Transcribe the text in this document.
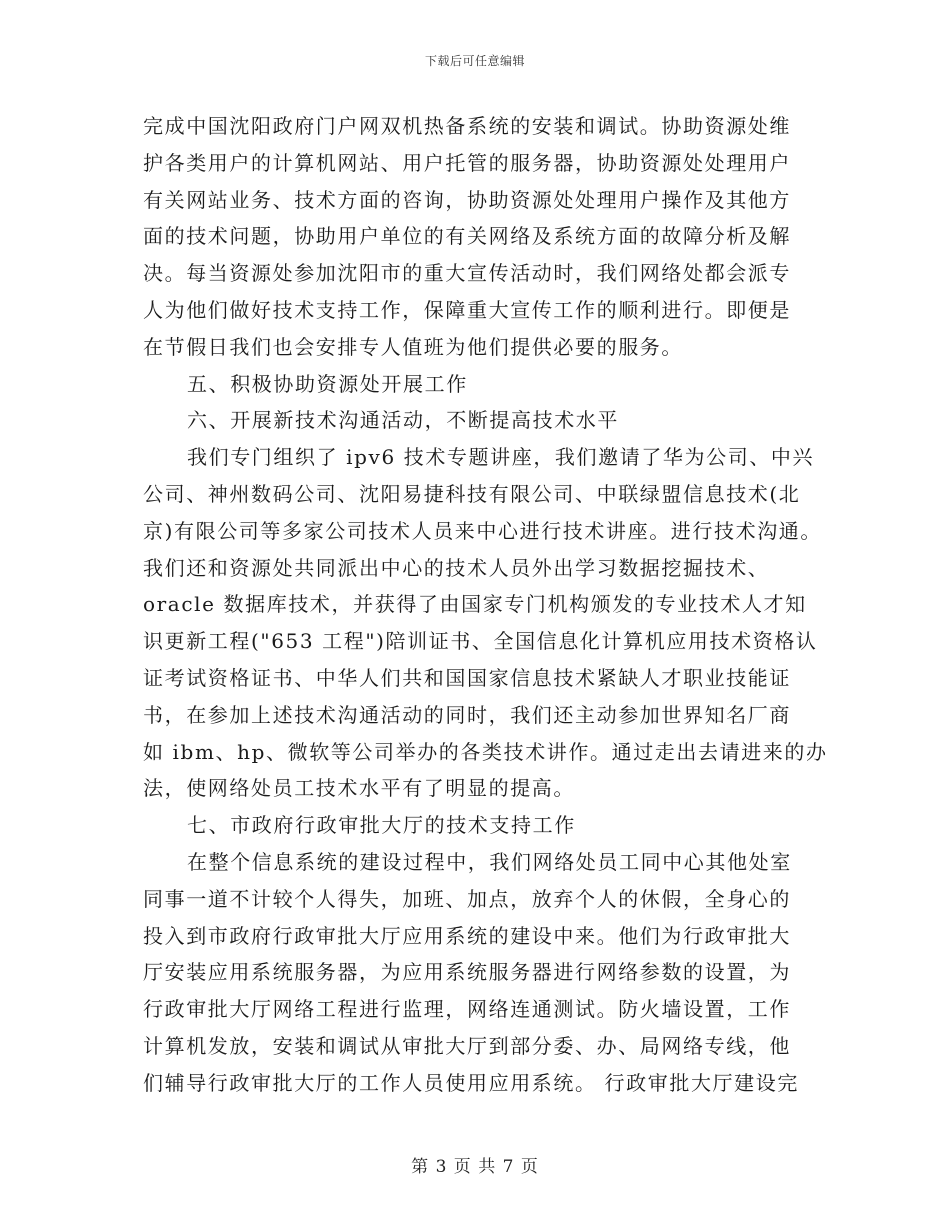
下载后可任意编辑
完成中国沈阳政府门户网双机热备系统的安装和调试。协助资源处维
护各类用户的计算机网站、用户托管的服务器，协助资源处处理用户
有关网站业务、技术方面的咨询，协助资源处处理用户操作及其他方
面的技术问题，协助用户单位的有关网络及系统方面的故障分析及解
决。每当资源处参加沈阳市的重大宣传活动时，我们网络处都会派专
人为他们做好技术支持工作，保障重大宣传工作的顺利进行。即便是
在节假日我们也会安排专人值班为他们提供必要的服务。
五、积极协助资源处开展工作
六、开展新技术沟通活动，不断提高技术水平
我们专门组织了 ipv6 技术专题讲座，我们邀请了华为公司、中兴
公司、神州数码公司、沈阳易捷科技有限公司、中联绿盟信息技术(北
京)有限公司等多家公司技术人员来中心进行技术讲座。进行技术沟通。
我们还和资源处共同派出中心的技术人员外出学习数据挖掘技术、
oracle 数据库技术，并获得了由国家专门机构颁发的专业技术人才知
识更新工程("653 工程")陪训证书、全国信息化计算机应用技术资格认
证考试资格证书、中华人们共和国国家信息技术紧缺人才职业技能证
书，在参加上述技术沟通活动的同时，我们还主动参加世界知名厂商
如 ibm、hp、微软等公司举办的各类技术讲作。通过走出去请进来的办
法，使网络处员工技术水平有了明显的提高。
七、市政府行政审批大厅的技术支持工作
在整个信息系统的建设过程中，我们网络处员工同中心其他处室
同事一道不计较个人得失，加班、加点，放弃个人的休假，全身心的
投入到市政府行政审批大厅应用系统的建设中来。他们为行政审批大
厅安装应用系统服务器，为应用系统服务器进行网络参数的设置，为
行政审批大厅网络工程进行监理，网络连通测试。防火墙设置，工作
计算机发放，安装和调试从审批大厅到部分委、办、局网络专线，他
们辅导行政审批大厅的工作人员使用应用系统。 行政审批大厅建设完
第 3 页 共 7 页
